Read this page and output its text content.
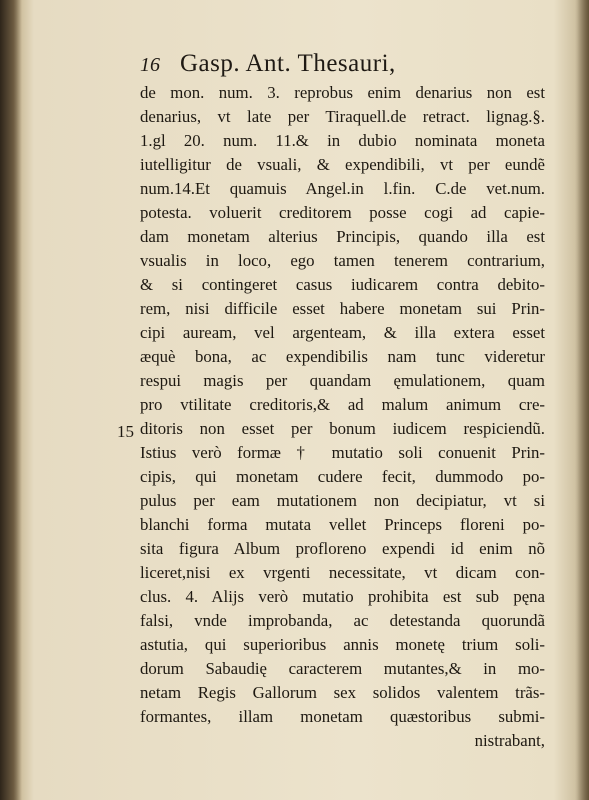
16 Gasp. Ant. Thesauri,
15
de mon. num. 3. reprobus enim denarius non est
denarius, vt late per Tiraquell.de retract. lignag.§.
1.gl 20. num. 11.& in dubio nominata moneta
iutelligitur de vsuali, & expendibili, vt per eundẽ
num.14.Et quamuis Angel.in l.fin. C.de vet.num.
potesta. voluerit creditorem posse cogi ad capie-
dam monetam alterius Principis, quando illa est
vsualis in loco, ego tamen tenerem contrarium,
& si contingeret casus iudicarem contra debito-
rem, nisi difficile esset habere monetam sui Prin-
cipi auream, vel argenteam, & illa extera esset
æquè bona, ac expendibilis nam tunc videretur
respui magis per quandam ęmulationem, quam
pro vtilitate creditoris,& ad malum animum cre-
ditoris non esset per bonum iudicem respiciendũ.
Istius verò formæ † mutatio soli conuenit Prin-
cipis, qui monetam cudere fecit, dummodo po-
pulus per eam mutationem non decipiatur, vt si
blanchi forma mutata vellet Princeps floreni po-
sita figura Album profloreno expendi id enim nõ
liceret,nisi ex vrgenti necessitate, vt dicam con-
clus. 4. Alijs verò mutatio prohibita est sub pęna
falsi, vnde improbanda, ac detestanda quorundã
astutia, qui superioribus annis monetę trium soli-
dorum Sabaudię caracterem mutantes,& in mo-
netam Regis Gallorum sex solidos valentem trãs-
formantes, illam monetam quæstoribus submi-
nistrabant,
